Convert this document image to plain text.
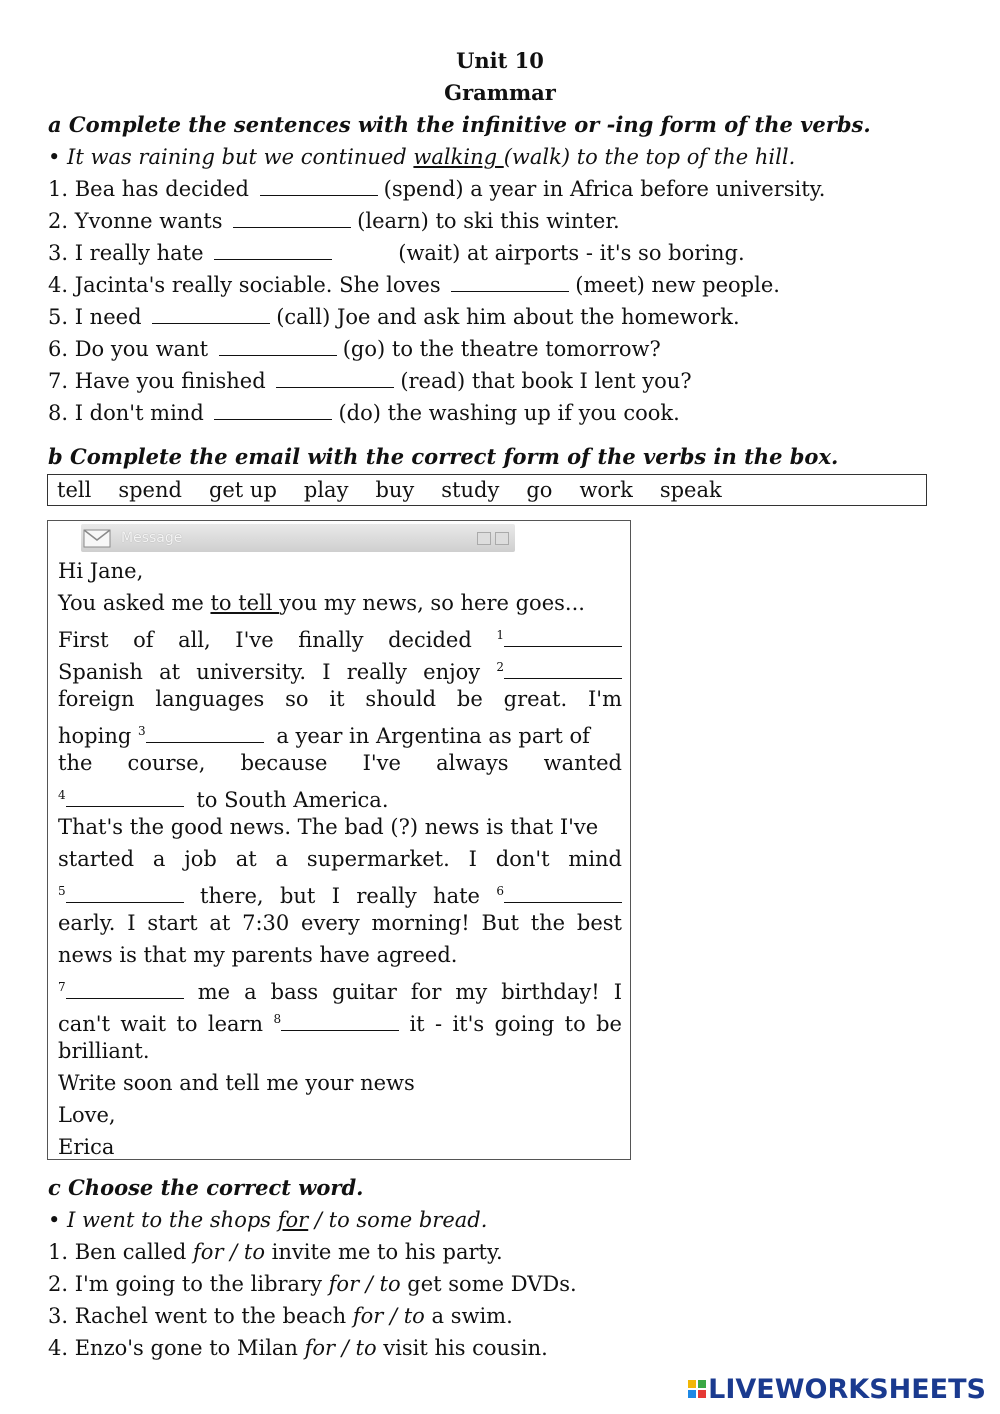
Unit 10
Grammar
a Complete the sentences with the infinitive or -ing form of the verbs.
• It was raining but we continued walking (walk) to the top of the hill.
1. Bea has decided	(spend) a year in Africa before university.
2. Yvonne wants	(learn) to ski this winter.
3. I really hate	(wait) at airports - it's so boring.
4. Jacinta's really sociable. She loves	(meet) new people.
5. I need	(call) Joe and ask him about the homework.
6. Do you want	(go) to the theatre tomorrow?
7. Have you finished	(read) that book I lent you?
8. I don't mind	(do) the washing up if you cook.
b Complete the email with the correct form of the verbs in the box.
tell spend get up play buy study go work speak
Message
Hi Jane,
You asked me to tell you my news, so here goes...
First of all, I've finally decided $^1$
Spanish at university. I really enjoy $^2$
foreign languages so it should be great. I'm
hoping $^3$	a year in Argentina as part of
the course, because I've always wanted
$^4$	to South America.
That's the good news. The bad (?) news is that I've
started a job at a supermarket. I don't mind
$^5$	there, but I really hate $^6$
early. I start at 7:30 every morning! But the best
news is that my parents have agreed.
$^7$	me a bass guitar for my birthday! I
can't wait to learn $^8$	it - it's going to be
brilliant.
Write soon and tell me your news
Love,
Erica
c Choose the correct word.
• I went to the shops for / to some bread.
1. Ben called for / to invite me to his party.
2. I'm going to the library for / to get some DVDs.
3. Rachel went to the beach for / to a swim.
4. Enzo's gone to Milan for / to visit his cousin.
LIVEWORKSHEETS
